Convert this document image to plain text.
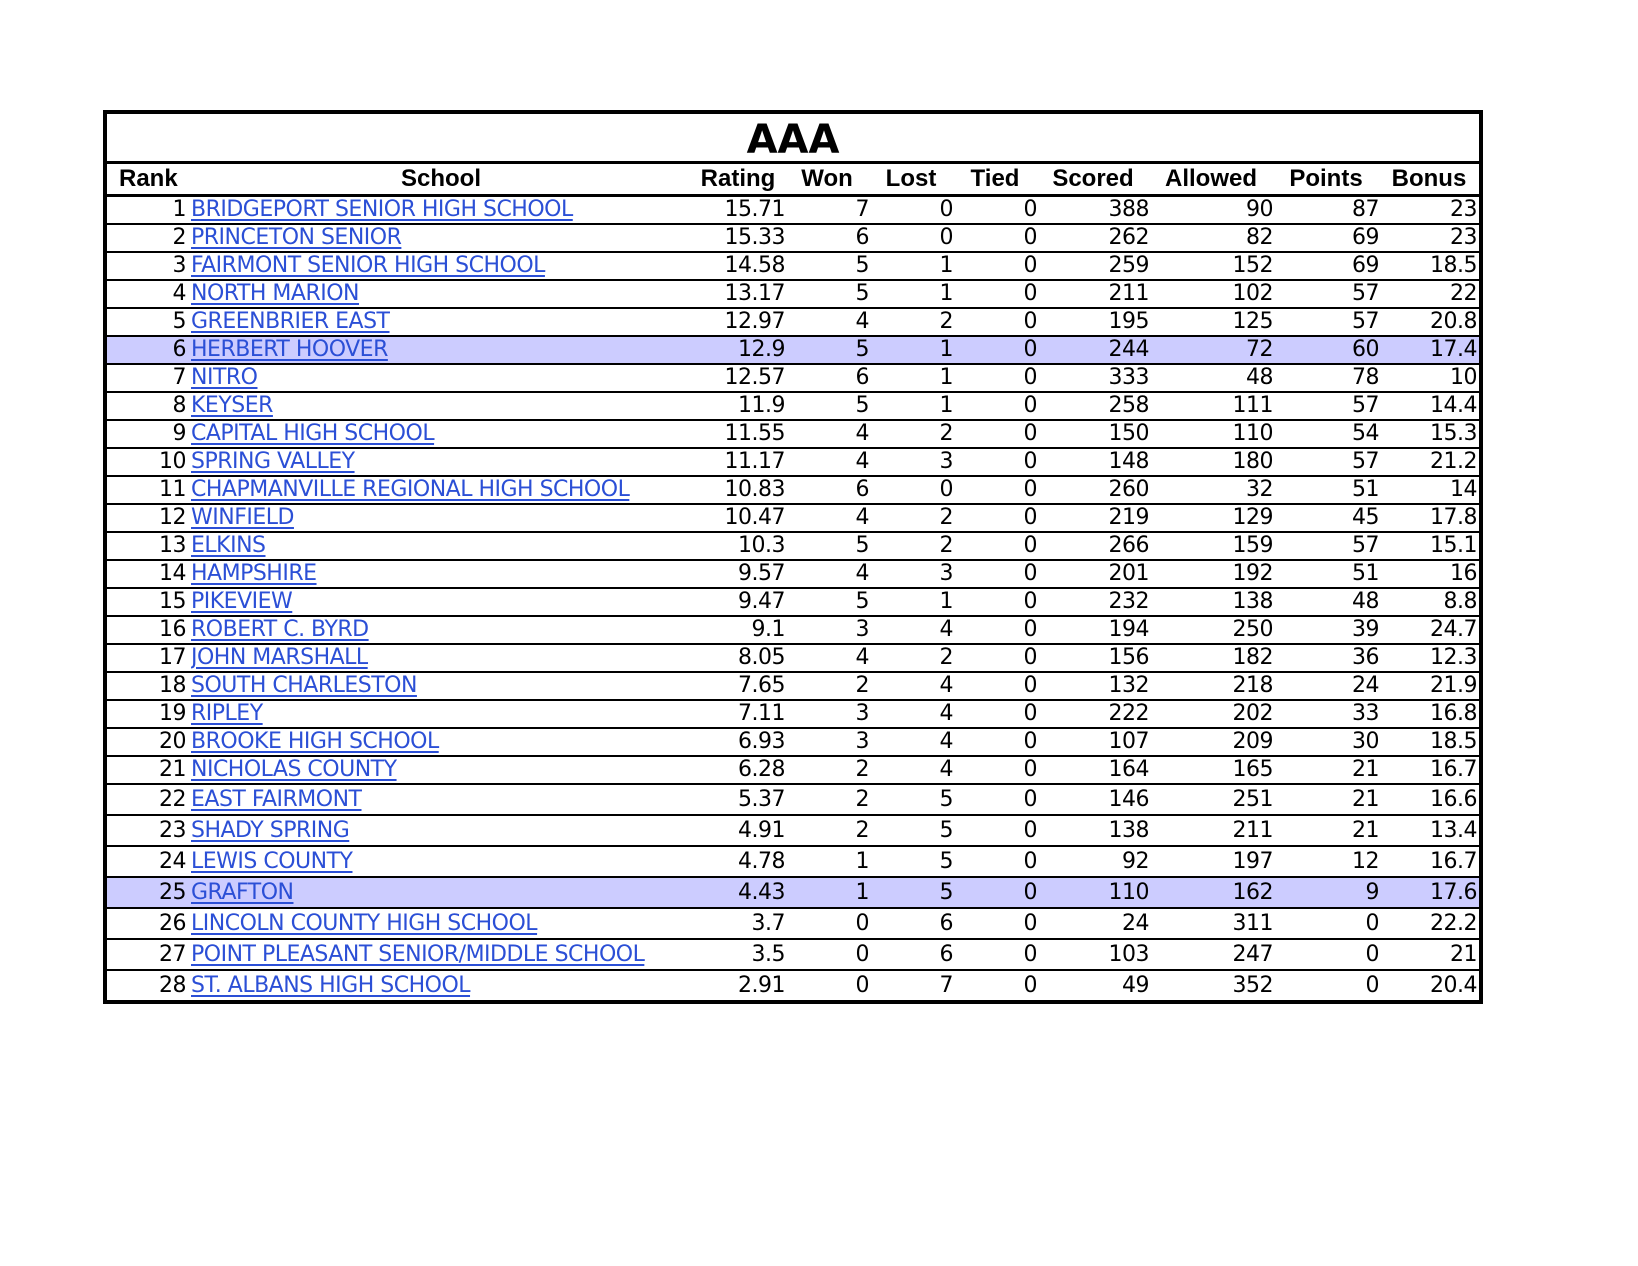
AAA
Rank	School	Rating	Won	Lost	Tied	Scored	Allowed	Points	Bonus
1	BRIDGEPORT SENIOR HIGH SCHOOL	15.71	7	0	0	388	90	87	23
2	PRINCETON SENIOR	15.33	6	0	0	262	82	69	23
3	FAIRMONT SENIOR HIGH SCHOOL	14.58	5	1	0	259	152	69	18.5
4	NORTH MARION	13.17	5	1	0	211	102	57	22
5	GREENBRIER EAST	12.97	4	2	0	195	125	57	20.8
6	HERBERT HOOVER	12.9	5	1	0	244	72	60	17.4
7	NITRO	12.57	6	1	0	333	48	78	10
8	KEYSER	11.9	5	1	0	258	111	57	14.4
9	CAPITAL HIGH SCHOOL	11.55	4	2	0	150	110	54	15.3
10	SPRING VALLEY	11.17	4	3	0	148	180	57	21.2
11	CHAPMANVILLE REGIONAL HIGH SCHOOL	10.83	6	0	0	260	32	51	14
12	WINFIELD	10.47	4	2	0	219	129	45	17.8
13	ELKINS	10.3	5	2	0	266	159	57	15.1
14	HAMPSHIRE	9.57	4	3	0	201	192	51	16
15	PIKEVIEW	9.47	5	1	0	232	138	48	8.8
16	ROBERT C. BYRD	9.1	3	4	0	194	250	39	24.7
17	JOHN MARSHALL	8.05	4	2	0	156	182	36	12.3
18	SOUTH CHARLESTON	7.65	2	4	0	132	218	24	21.9
19	RIPLEY	7.11	3	4	0	222	202	33	16.8
20	BROOKE HIGH SCHOOL	6.93	3	4	0	107	209	30	18.5
21	NICHOLAS COUNTY	6.28	2	4	0	164	165	21	16.7
22	EAST FAIRMONT	5.37	2	5	0	146	251	21	16.6
23	SHADY SPRING	4.91	2	5	0	138	211	21	13.4
24	LEWIS COUNTY	4.78	1	5	0	92	197	12	16.7
25	GRAFTON	4.43	1	5	0	110	162	9	17.6
26	LINCOLN COUNTY HIGH SCHOOL	3.7	0	6	0	24	311	0	22.2
27	POINT PLEASANT SENIOR/MIDDLE SCHOOL	3.5	0	6	0	103	247	0	21
28	ST. ALBANS HIGH SCHOOL	2.91	0	7	0	49	352	0	20.4
